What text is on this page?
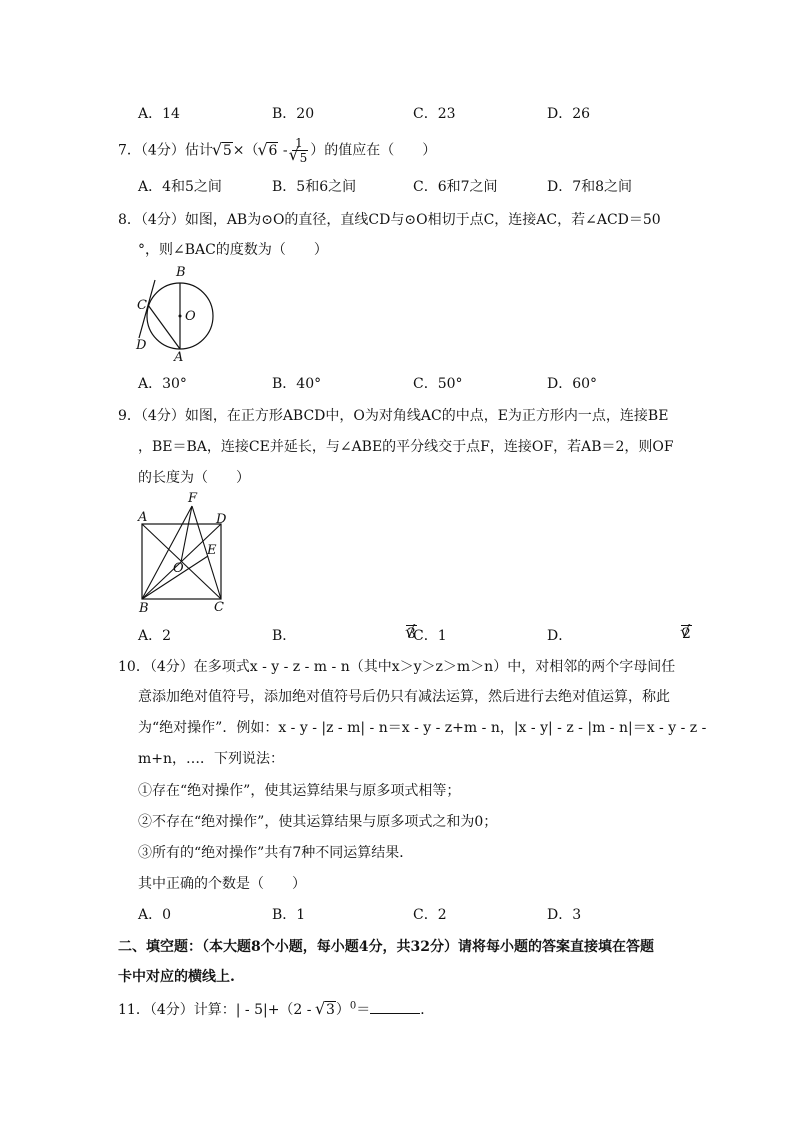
A．14	B．20	C．23	D．26
7．（4分）估计 √ 5×（ √ 6 - 1
√ 5 ）的值应在（　　）
A．4和5之间	B．5和6之间	C．6和7之间	D．7和8之间
8．（4分）如图，AB为⊙O的直径，直线CD与⊙O相切于点C，连接AC，若∠ACD＝50
°，则∠BAC的度数为（　　）
B
C
O
D
A
A．30°	B．40°	C．50°	D．60°
9．（4分）如图，在正方形ABCD中，O为对角线AC的中点，E为正方形内一点，连接BE
，BE＝BA，连接CE并延长，与∠ABE的平分线交于点F，连接OF，若AB＝2，则OF
的长度为（　　）
F
A	D
E
O
B	C
A．2	B．	3
C．1	D．	2
10．（4分）在多项式x - y - z - m - n（其中x＞y＞z＞m＞n）中，对相邻的两个字母间任
意添加绝对值符号，添加绝对值符号后仍只有减法运算，然后进行去绝对值运算，称此
为“绝对操作”．例如：x - y - |z - m| - n＝x - y - z+m - n，|x - y| - z - |m - n|＝x - y - z -
m+n，…．下列说法：
①存在“绝对操作”，使其运算结果与原多项式相等；
②不存在“绝对操作”，使其运算结果与原多项式之和为0；
③所有的“绝对操作”共有7种不同运算结果．
其中正确的个数是（　　）
A．0	B．1	C．2	D．3
二、填空题：（本大题8个小题，每小题4分，共32分）请将每小题的答案直接填在答题
卡中对应的横线上.
11．（4分）计算：| - 5|+（2 - √ 3）$^0$＝	．
